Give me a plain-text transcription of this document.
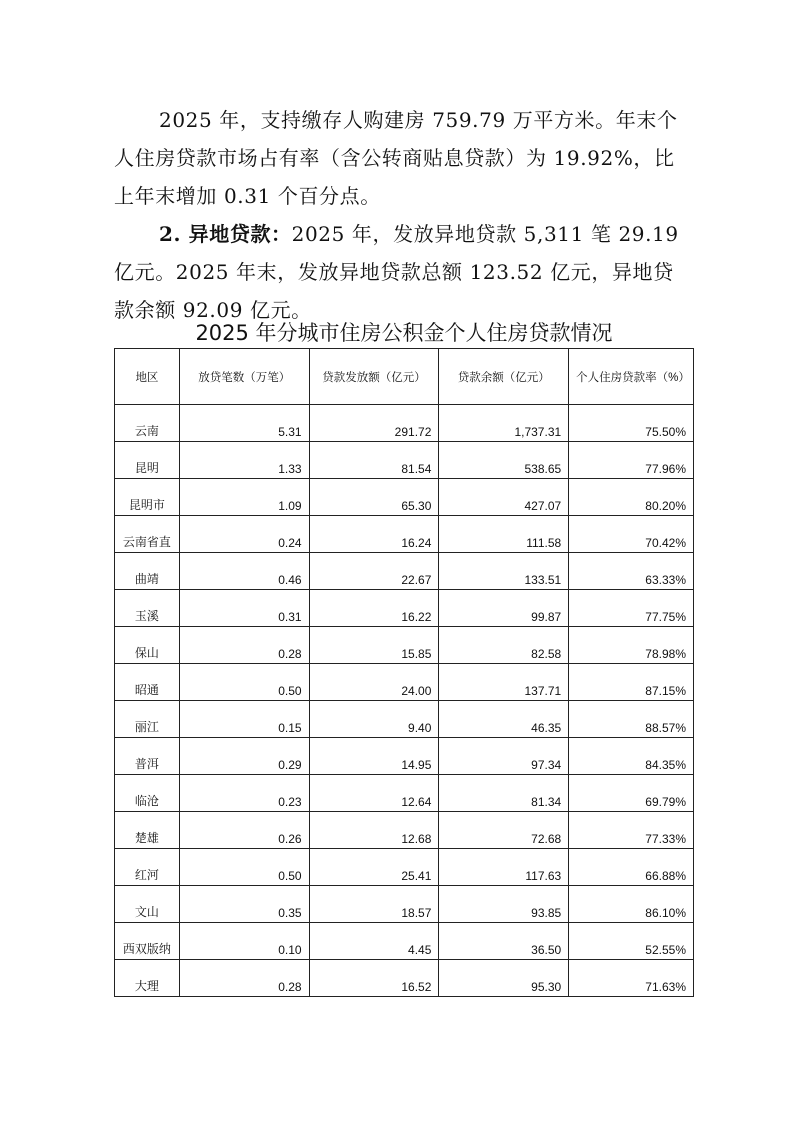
2025 年，支持缴存人购建房 759.79 万平方米。年末个人住房贷款市场占有率（含公转商贴息贷款）为 19.92%，比上年末增加 0.31 个百分点。
2. 异地贷款：2025 年，发放异地贷款 5,311 笔 29.19 亿元。2025 年末，发放异地贷款总额 123.52 亿元，异地贷款余额 92.09 亿元。
2025 年分城市住房公积金个人住房贷款情况
地区	放贷笔数（万笔）	贷款发放额（亿元）	贷款余额（亿元）	个人住房贷款率（%）
云南	5.31	291.72	1,737.31	75.50%
昆明	1.33	81.54	538.65	77.96%
昆明市	1.09	65.30	427.07	80.20%
云南省直	0.24	16.24	111.58	70.42%
曲靖	0.46	22.67	133.51	63.33%
玉溪	0.31	16.22	99.87	77.75%
保山	0.28	15.85	82.58	78.98%
昭通	0.50	24.00	137.71	87.15%
丽江	0.15	9.40	46.35	88.57%
普洱	0.29	14.95	97.34	84.35%
临沧	0.23	12.64	81.34	69.79%
楚雄	0.26	12.68	72.68	77.33%
红河	0.50	25.41	117.63	66.88%
文山	0.35	18.57	93.85	86.10%
西双版纳	0.10	4.45	36.50	52.55%
大理	0.28	16.52	95.30	71.63%
